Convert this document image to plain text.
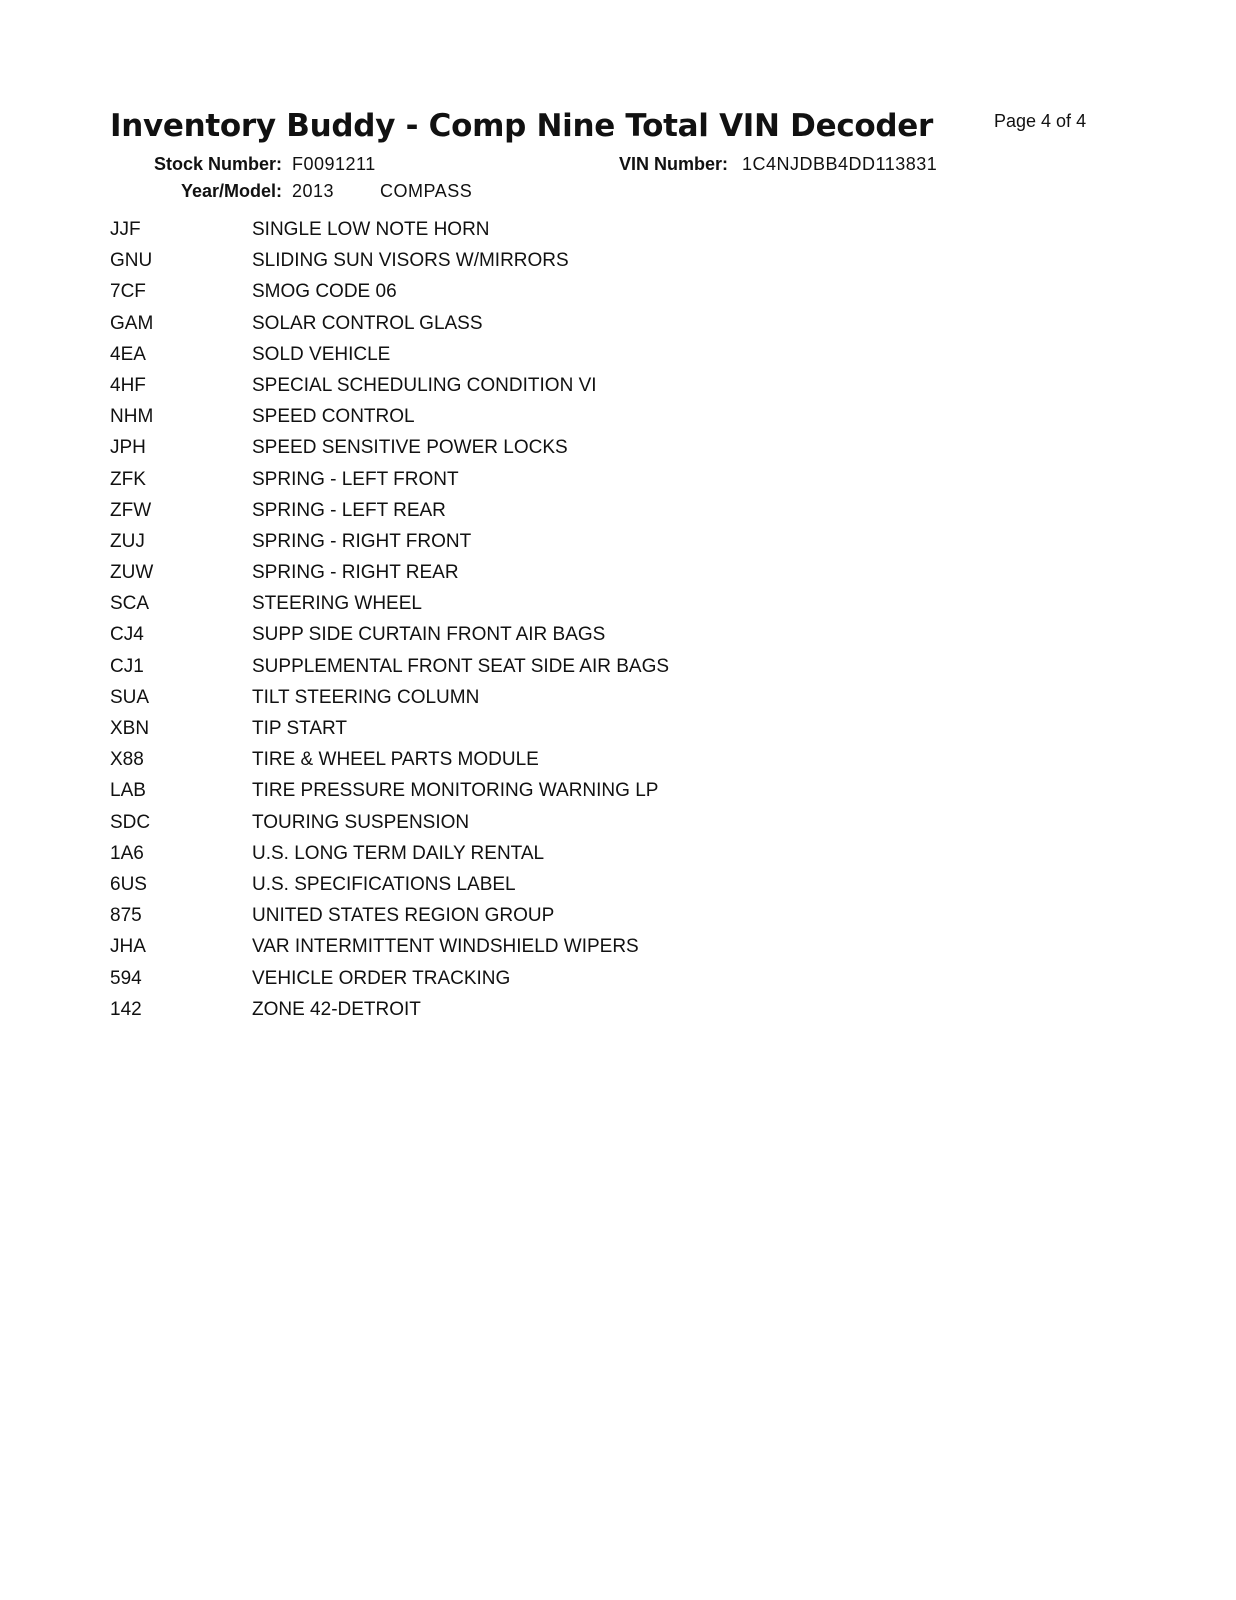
Inventory Buddy - Comp Nine Total VIN Decoder	Page 4 of 4
Stock Number: F0091211	VIN Number: 1C4NJDBB4DD113831
Year/Model: 2013	COMPASS
JJF	SINGLE LOW NOTE HORN
GNU	SLIDING SUN VISORS W/MIRRORS
7CF	SMOG CODE 06
GAM	SOLAR CONTROL GLASS
4EA	SOLD VEHICLE
4HF	SPECIAL SCHEDULING CONDITION VI
NHM	SPEED CONTROL
JPH	SPEED SENSITIVE POWER LOCKS
ZFK	SPRING - LEFT FRONT
ZFW	SPRING - LEFT REAR
ZUJ	SPRING - RIGHT FRONT
ZUW	SPRING - RIGHT REAR
SCA	STEERING WHEEL
CJ4	SUPP SIDE CURTAIN FRONT AIR BAGS
CJ1	SUPPLEMENTAL FRONT SEAT SIDE AIR BAGS
SUA	TILT STEERING COLUMN
XBN	TIP START
X88	TIRE & WHEEL PARTS MODULE
LAB	TIRE PRESSURE MONITORING WARNING LP
SDC	TOURING SUSPENSION
1A6	U.S. LONG TERM DAILY RENTAL
6US	U.S. SPECIFICATIONS LABEL
875	UNITED STATES REGION GROUP
JHA	VAR INTERMITTENT WINDSHIELD WIPERS
594	VEHICLE ORDER TRACKING
142	ZONE 42-DETROIT
